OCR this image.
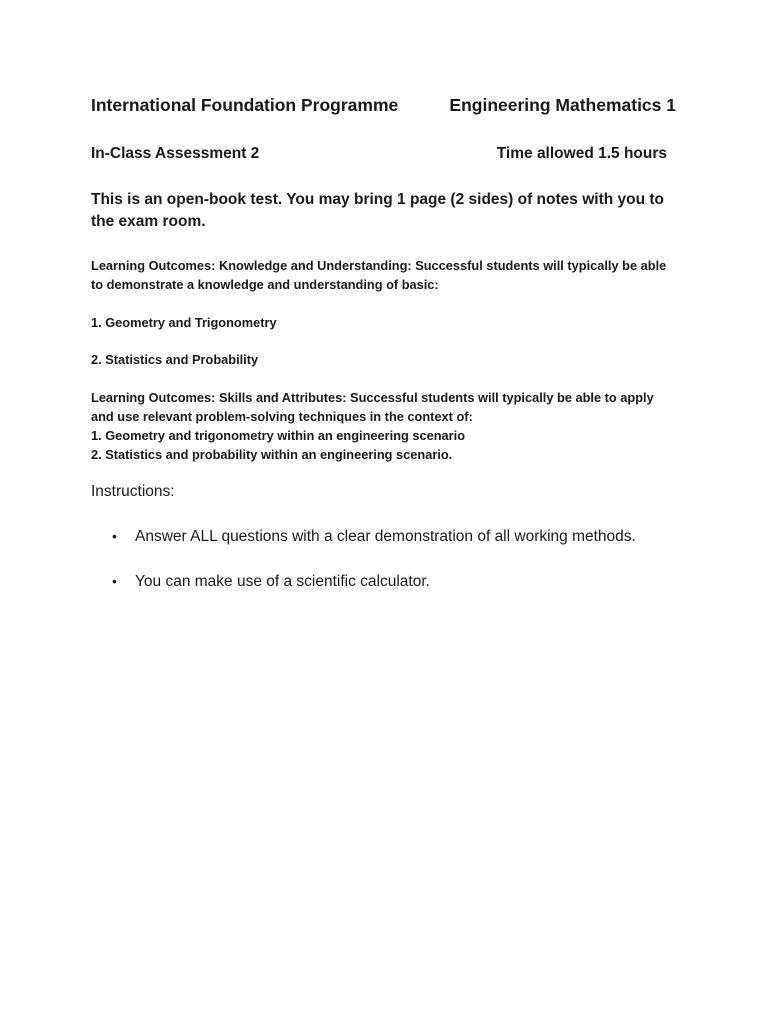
International Foundation Programme	Engineering Mathematics 1
In-Class Assessment 2	Time allowed 1.5 hours
This is an open-book test. You may bring 1 page (2 sides) of notes with you to
the exam room.
Learning Outcomes: Knowledge and Understanding: Successful students will typically be able
to demonstrate a knowledge and understanding of basic:
1. Geometry and Trigonometry
2. Statistics and Probability
Learning Outcomes: Skills and Attributes: Successful students will typically be able to apply
and use relevant problem-solving techniques in the context of:
1. Geometry and trigonometry within an engineering scenario
2. Statistics and probability within an engineering scenario.
Instructions:
•	Answer ALL questions with a clear demonstration of all working methods.
•	You can make use of a scientific calculator.
